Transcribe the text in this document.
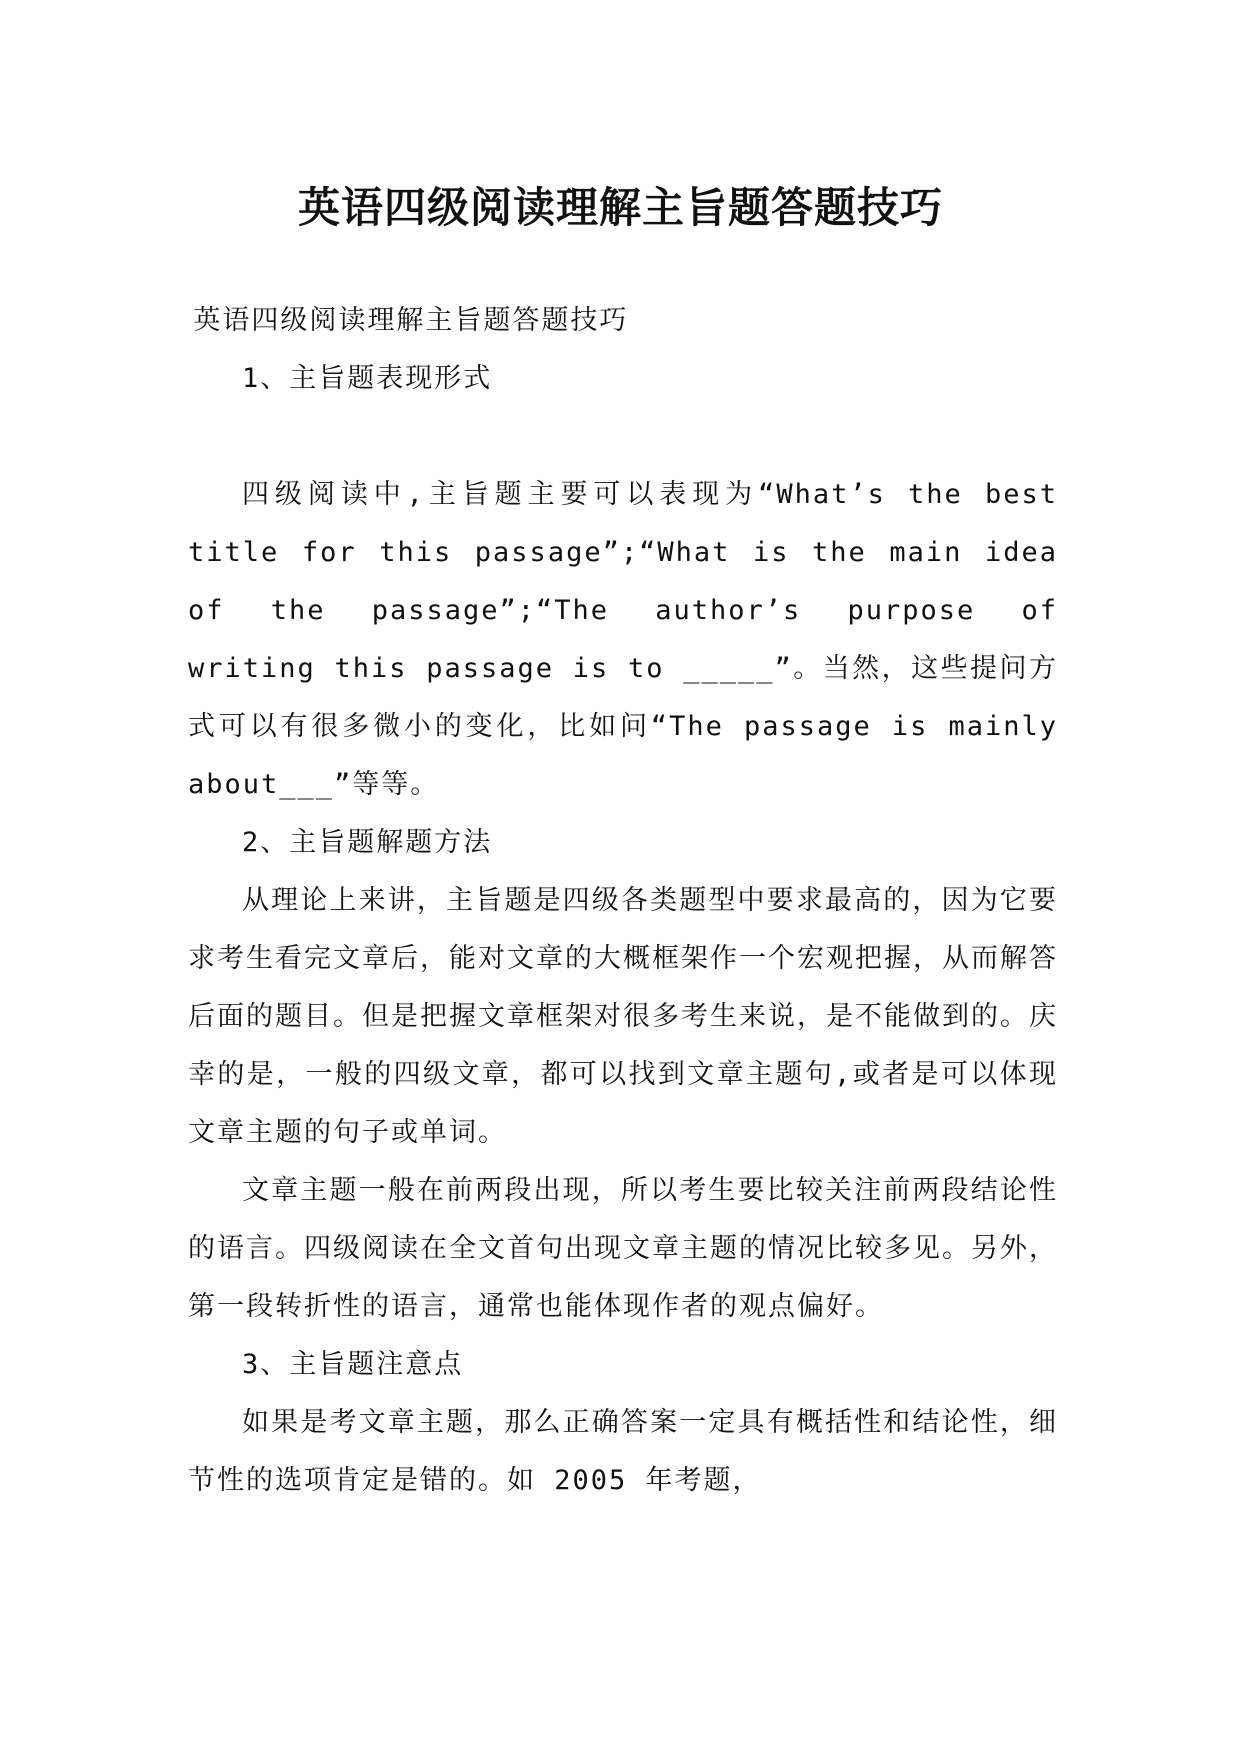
英语四级阅读理解主旨题答题技巧

英语四级阅读理解主旨题答题技巧

1、主旨题表现形式

四级阅读中,主旨题主要可以表现为“What’s the best title for this passage”;“What is the main idea of the passage”;“The author’s purpose of writing this passage is to _____”。当然，这些提问方式可以有很多微小的变化，比如问“The passage is mainly about___”等等。

2、主旨题解题方法

从理论上来讲，主旨题是四级各类题型中要求最高的，因为它要求考生看完文章后，能对文章的大概框架作一个宏观把握，从而解答后面的题目。但是把握文章框架对很多考生来说，是不能做到的。庆幸的是，一般的四级文章，都可以找到文章主题句,或者是可以体现文章主题的句子或单词。

文章主题一般在前两段出现，所以考生要比较关注前两段结论性的语言。四级阅读在全文首句出现文章主题的情况比较多见。另外，第一段转折性的语言，通常也能体现作者的观点偏好。

3、主旨题注意点

如果是考文章主题，那么正确答案一定具有概括性和结论性，细节性的选项肯定是错的。如 2005 年考题，
